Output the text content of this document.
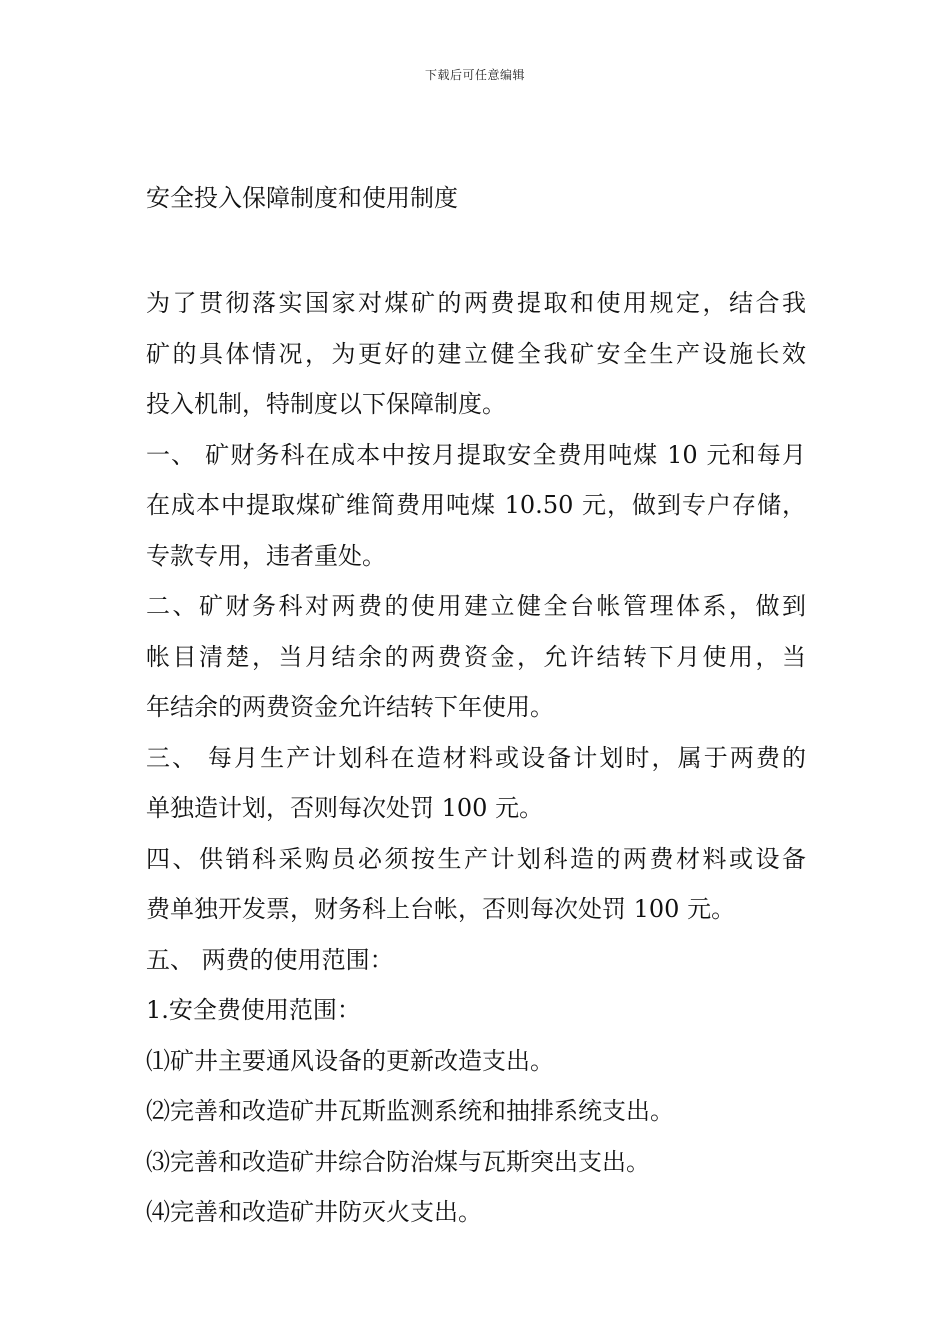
下载后可任意编辑
安全投入保障制度和使用制度
为了贯彻落实国家对煤矿的两费提取和使用规定，结合我
矿的具体情况，为更好的建立健全我矿安全生产设施长效
投入机制，特制度以下保障制度。
一、 矿财务科在成本中按月提取安全费用吨煤 10 元和每月
在成本中提取煤矿维简费用吨煤 10.50 元，做到专户存储，
专款专用，违者重处。
二、矿财务科对两费的使用建立健全台帐管理体系，做到
帐目清楚，当月结余的两费资金，允许结转下月使用，当
年结余的两费资金允许结转下年使用。
三、 每月生产计划科在造材料或设备计划时，属于两费的
单独造计划，否则每次处罚 100 元。
四、供销科采购员必须按生产计划科造的两费材料或设备
费单独开发票，财务科上台帐，否则每次处罚 100 元。
五、 两费的使用范围：
1.安全费使用范围：
⑴矿井主要通风设备的更新改造支出。
⑵完善和改造矿井瓦斯监测系统和抽排系统支出。
⑶完善和改造矿井综合防治煤与瓦斯突出支出。
⑷完善和改造矿井防灭火支出。
